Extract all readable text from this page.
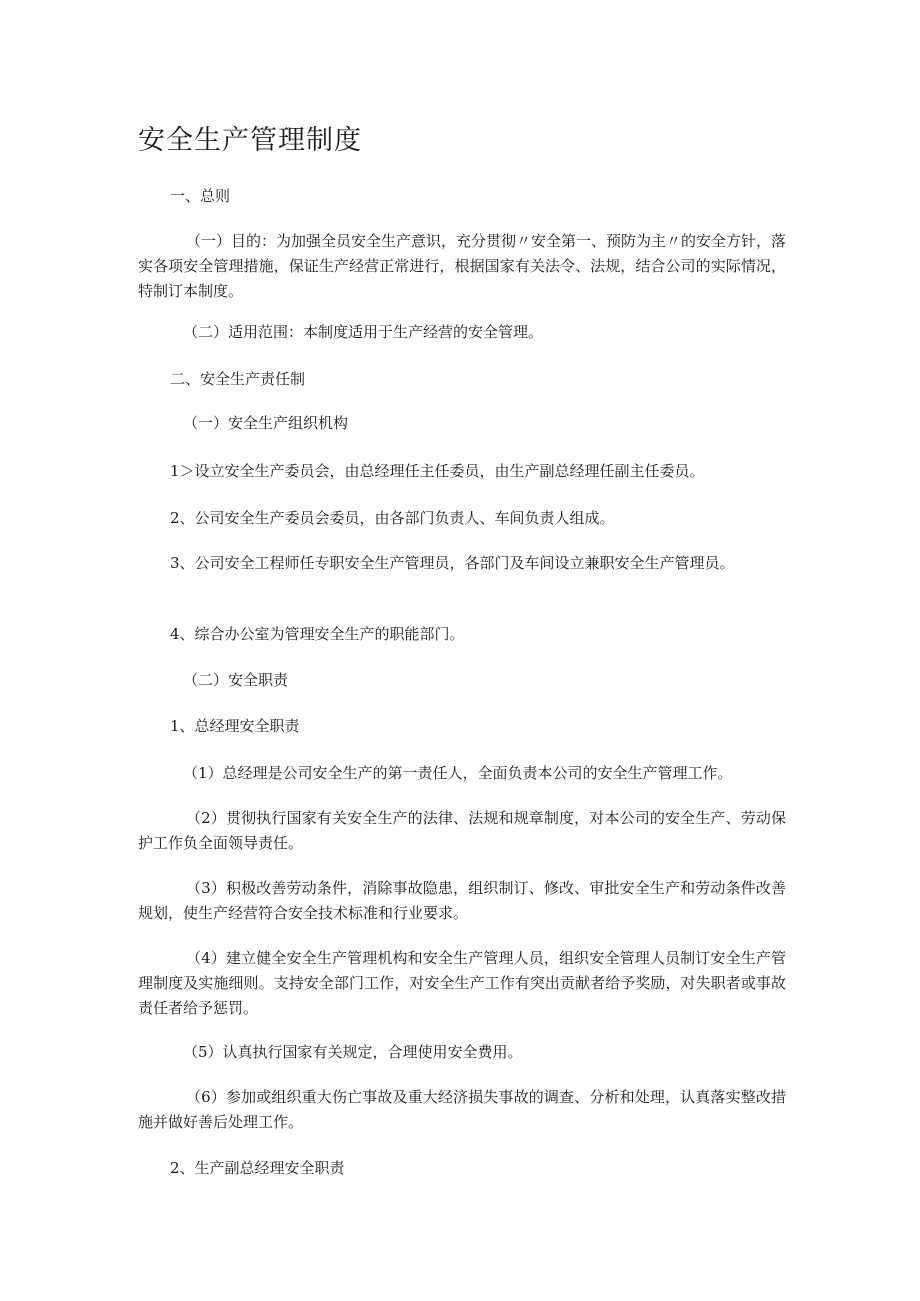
安全生产管理制度

一、总则

（一）目的：为加强全员安全生产意识，充分贯彻〃安全第一、预防为主〃的安全方针，落实各项安全管理措施，保证生产经营正常进行，根据国家有关法令、法规，结合公司的实际情况，特制订本制度。

（二）适用范围：本制度适用于生产经营的安全管理。

二、安全生产责任制

（一）安全生产组织机构

1＞设立安全生产委员会，由总经理任主任委员，由生产副总经理任副主任委员。

2、公司安全生产委员会委员，由各部门负责人、车间负责人组成。

3、公司安全工程师任专职安全生产管理员，各部门及车间设立兼职安全生产管理员。

4、综合办公室为管理安全生产的职能部门。

（二）安全职责

1、总经理安全职责

（1）总经理是公司安全生产的第一责任人，全面负责本公司的安全生产管理工作。

（2）贯彻执行国家有关安全生产的法律、法规和规章制度，对本公司的安全生产、劳动保护工作负全面领导责任。

（3）积极改善劳动条件，消除事故隐患，组织制订、修改、审批安全生产和劳动条件改善规划，使生产经营符合安全技术标准和行业要求。

（4）建立健全安全生产管理机构和安全生产管理人员，组织安全管理人员制订安全生产管理制度及实施细则。支持安全部门工作，对安全生产工作有突出贡献者给予奖励，对失职者或事故责任者给予惩罚。

（5）认真执行国家有关规定，合理使用安全费用。

（6）参加或组织重大伤亡事故及重大经济损失事故的调查、分析和处理，认真落实整改措施并做好善后处理工作。

2、生产副总经理安全职责
